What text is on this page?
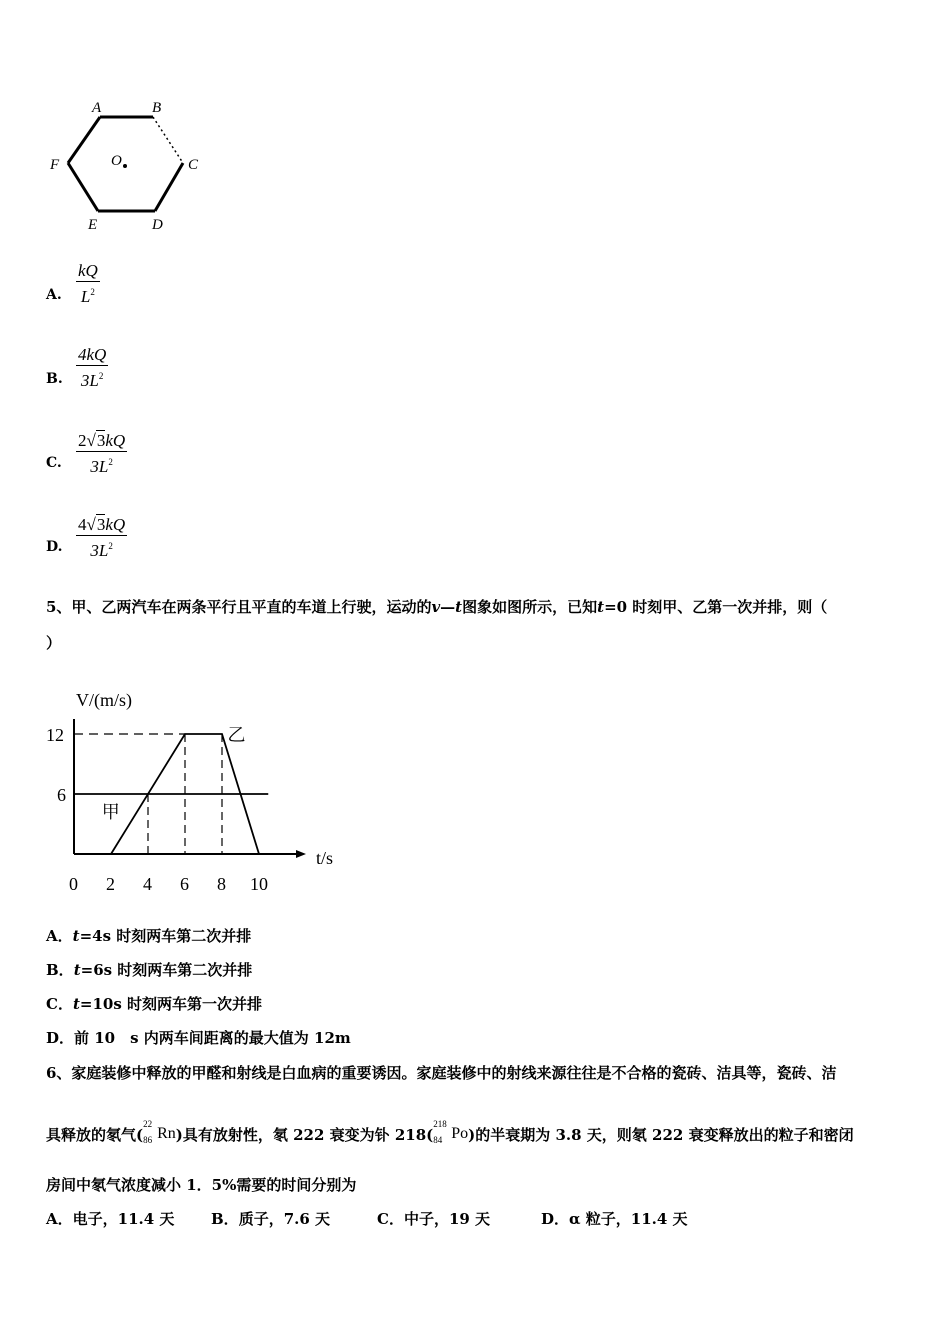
A	B
C
D
E
F	O
A. $\frac{kQ}{L^2}$
B. $\frac{4kQ}{3L^2}$
C. $\frac{2√3kQ}{3L^2}$
D. $\frac{4√3kQ}{3L^2}$
5、甲、乙两汽车在两条平行且平直的车道上行驶，运动的v—t图象如图所示，已知t=0 时刻甲、乙第一次并排，则（
）
V/(m/s)
t/s
甲
乙
0 2 4 6 8 10
6
12
A．t=4s 时刻两车第二次并排
B．t=6s 时刻两车第二次并排
C．t=10s 时刻两车第一次并排
D．前 10　s 内两车间距离的最大值为 12m
6、家庭装修中释放的甲醛和射线是白血病的重要诱因。家庭装修中的射线来源往往是不合格的瓷砖、洁具等，瓷砖、洁
具释放的氡气(
22
86 Rn)具有放射性，氡 222 衰变为钋 218(
218
84 Po)的半衰期为 3.8 天，则氡 222 衰变释放出的粒子和密闭
房间中氡气浓度减小 1．5%需要的时间分别为
A．电子，11.4 天 B．质子，7.6 天	C．中子，19 天	D．α 粒子，11.4 天
